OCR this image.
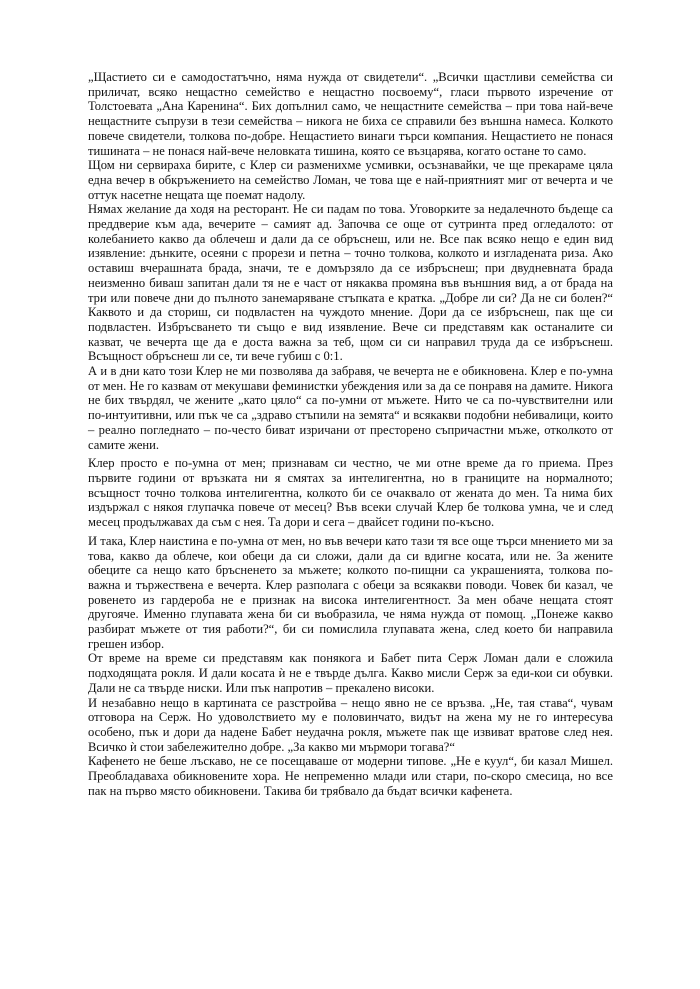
„Щастието си е самодостатъчно, няма нужда от свидетели“. „Всички щастливи семейства си приличат, всяко нещастно семейство е нещастно посвоему“, гласи първото изречение от Толстоевата „Ана Каренина“. Бих допълнил само, че нещастните семейства – при това най-вече нещастните съпрузи в тези семейства – никога не биха се справили без външна намеса. Колкото повече свидетели, толкова по-добре. Нещастието винаги търси компания. Нещастието не понася тишината – не понася най-вече неловката тишина, която се възцарява, когато остане то само.

Щом ни сервираха бирите, с Клер си разменихме усмивки, осъзнавайки, че ще прекараме цяла една вечер в обкръжението на семейство Ломан, че това ще е най-приятният миг от вечерта и че оттук насетне нещата ще поемат надолу.

Нямах желание да ходя на ресторант. Не си падам по това. Уговорките за недалечното бъдеще са преддверие към ада, вечерите – самият ад. Започва се още от сутринта пред огледалото: от колебанието какво да облечеш и дали да се обръснеш, или не. Все пак всяко нещо е един вид изявление: дънките, осеяни с прорези и петна – точно толкова, колкото и изгладената риза. Ако оставиш вчерашната брада, значи, те е домързяло да се избръснеш; при двудневната брада неизменно биваш запитан дали тя не е част от някаква промяна във външния вид, а от брада на три или повече дни до пълното занемаряване стъпката е кратка. „Добре ли си? Да не си болен?“ Каквото и да сториш, си подвластен на чуждото мнение. Дори да се избръснеш, пак ще си подвластен. Избръсването ти също е вид изявление. Вече си представям как останалите си казват, че вечерта ще да е доста важна за теб, щом си си направил труда да се избръснеш. Всъщност обръснеш ли се, ти вече губиш с 0:1.

А и в дни като този Клер не ми позволява да забравя, че вечерта не е обикновена. Клер е по-умна от мен. Не го казвам от мекушави феминистки убеждения или за да се понравя на дамите. Никога не бих твърдял, че жените „като цяло“ са по-умни от мъжете. Нито че са по-чувствителни или по-интуитивни, или пък че са „здраво стъпили на земята“ и всякакви подобни небивалици, които – реално погледнато – по-често биват изричани от престорено съпричастни мъже, отколкото от самите жени.

Клер просто е по-умна от мен; признавам си честно, че ми отне време да го приема. През първите години от връзката ни я смятах за интелигентна, но в границите на нормалното; всъщност точно толкова интелигентна, колкото би се очаквало от жената до мен. Та нима бих издържал с някоя глупачка повече от месец? Във всеки случай Клер бе толкова умна, че и след месец продължавах да съм с нея. Та дори и сега – двайсет години по-късно.

И така, Клер наистина е по-умна от мен, но във вечери като тази тя все още търси мнението ми за това, какво да облече, кои обеци да си сложи, дали да си вдигне косата, или не. За жените обеците са нещо като бръсненето за мъжете; колкото по-пищни са украшенията, толкова по-важна и тържествена е вечерта. Клер разполага с обеци за всякакви поводи. Човек би казал, че ровенето из гардероба не е признак на висока интелигентност. За мен обаче нещата стоят другояче. Именно глупавата жена би си въобразила, че няма нужда от помощ. „Понеже какво разбират мъжете от тия работи?“, би си помислила глупавата жена, след което би направила грешен избор.

От време на време си представям как понякога и Бабет пита Серж Ломан дали е сложила подходящата рокля. И дали косата ѝ не е твърде дълга. Какво мисли Серж за еди-кои си обувки. Дали не са твърде ниски. Или пък напротив – прекалено високи.

И незабавно нещо в картината се разстройва – нещо явно не се връзва. „Не, тая става“, чувам отговора на Серж. Но удоволствието му е половинчато, видът на жена му не го интересува особено, пък и дори да надене Бабет неудачна рокля, мъжете пак ще извиват вратове след нея. Всичко ѝ стои забележително добре. „За какво ми мърмори тогава?“

Кафенето не беше лъскаво, не се посещаваше от модерни типове. „Не е куул“, би казал Мишел. Преобладаваха обикновените хора. Не непременно млади или стари, по-скоро смесица, но все пак на първо място обикновени. Такива би трябвало да бъдат всички кафенета.
